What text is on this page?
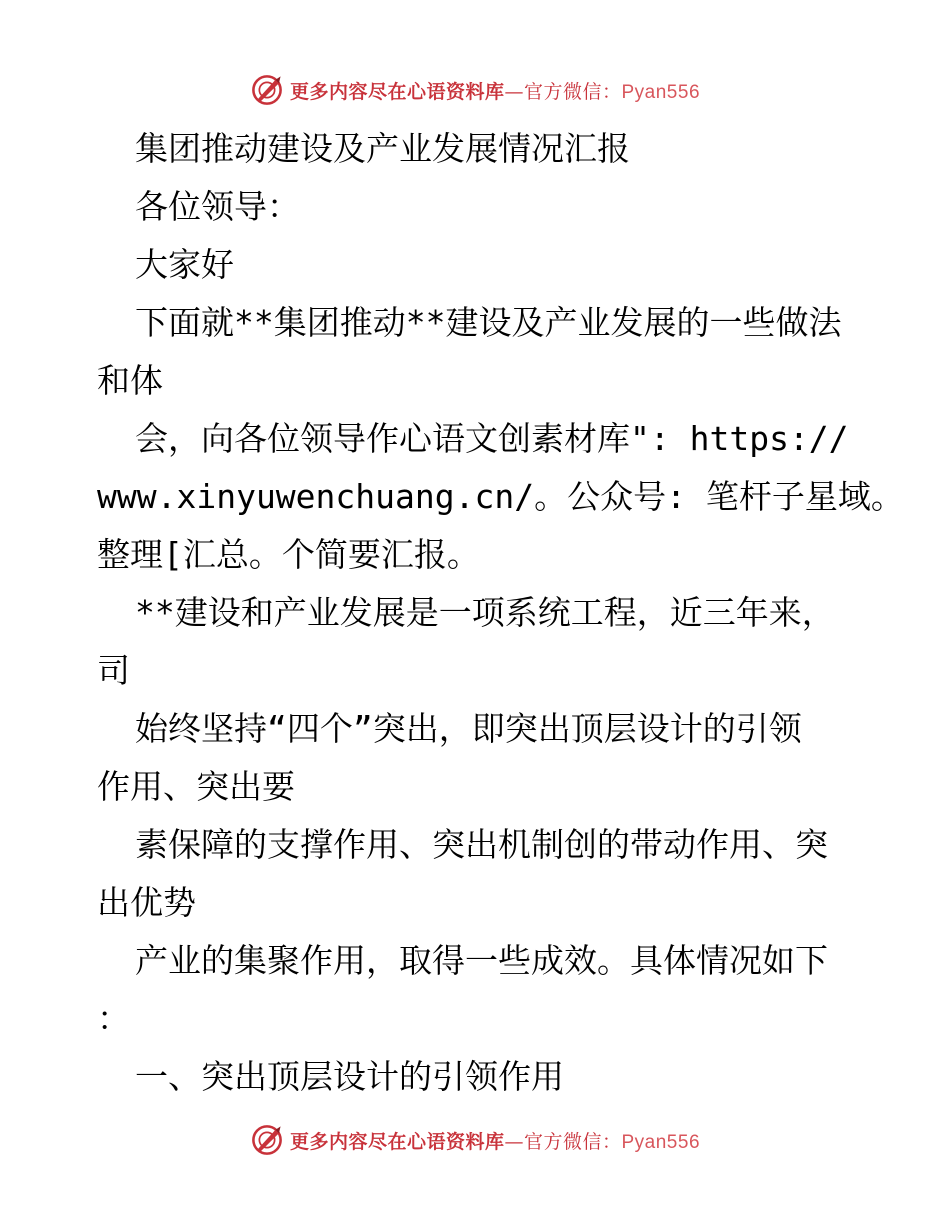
更多内容尽在心语资料库—官方微信：Pyan556
集团推动建设及产业发展情况汇报
各位领导：
大家好
下面就**集团推动**建设及产业发展的一些做法
和体
会，向各位领导作心语文创素材库": https://
www.xinyuwenchuang.cn/。公众号: 笔杆子星域。
整理[汇总。个简要汇报。
**建设和产业发展是一项系统工程，近三年来，
司
始终坚持“四个”突出，即突出顶层设计的引领
作用、突出要
素保障的支撑作用、突出机制创的带动作用、突
出优势
产业的集聚作用，取得一些成效。具体情况如下
：
一、突出顶层设计的引领作用
更多内容尽在心语资料库—官方微信：Pyan556
